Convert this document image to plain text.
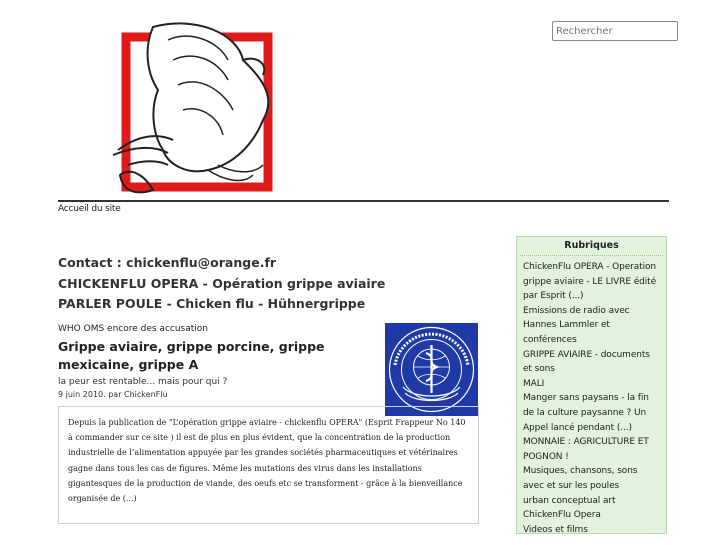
~
Rechercher
Accueil du site

Contact : chickenflu@orange.fr

CHICKENFLU OPERA - Opération grippe aviaire

PARLER POULE - Chicken flu - Hühnergrippe

WHO OMS encore des accusation

Grippe aviaire, grippe porcine, grippe mexicaine, grippe A

la peur est rentable... mais pour qui ?

9 juin 2010. par ChickenFlu

Depuis la publication de "L’opération grippe aviaire - chickenflu OPERA" (Esprit Frappeur No 140 à commander sur ce site ) il est de plus en plus évident, que la concentration de la production industrielle de l’alimentation appuyée par les grandes sociétés pharmaceutiques et vétérinaires gagne dans tous les cas de figures. Même les mutations des virus dans les installations gigantesques de la production de viande, des oeufs etc se transforment - grâce à la bienveillance organisée de (...)
Rubriques
ChickenFlu OPERA - Operation grippe aviaire - LE LIVRE édité par Esprit (...)
Emissions de radio avec Hannes Lammler et conférences
GRIPPE AVIAIRE - documents et sons
MALI
Manger sans paysans - la fin de la culture paysanne ? Un Appel lancé pendant (...)
MONNAIE : AGRICULTURE ET POGNON !
Musiques, chansons, sons avec et sur les poules
urban conceptual art
ChickenFlu Opera
Videos et films
